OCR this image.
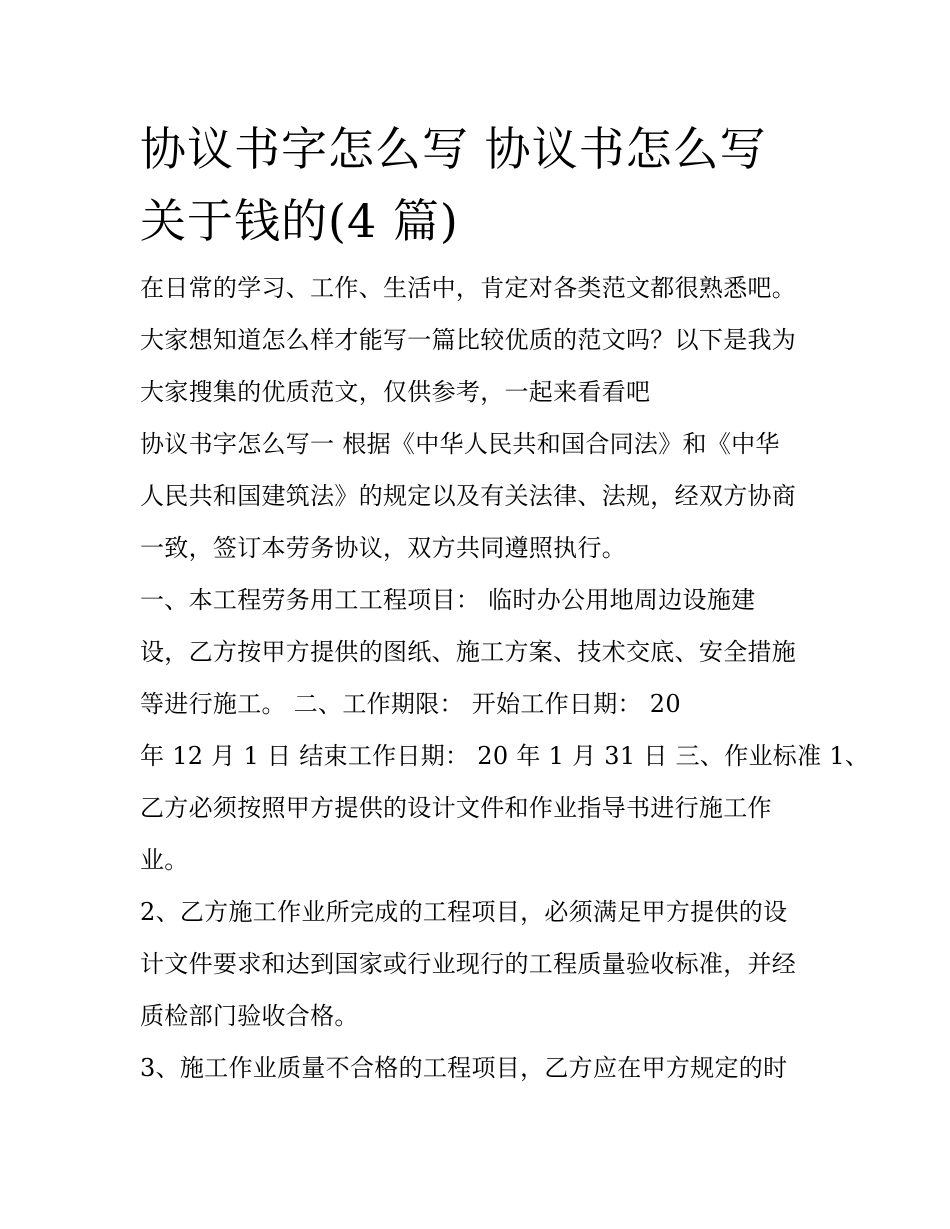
协议书字怎么写 协议书怎么写
关于钱的(4 篇)
在日常的学习、工作、生活中，肯定对各类范文都很熟悉吧。
大家想知道怎么样才能写一篇比较优质的范文吗？以下是我为
大家搜集的优质范文，仅供参考，一起来看看吧
协议书字怎么写一 根据《中华人民共和国合同法》和《中华
人民共和国建筑法》的规定以及有关法律、法规，经双方协商
一致，签订本劳务协议，双方共同遵照执行。
一、本工程劳务用工工程项目： 临时办公用地周边设施建
设，乙方按甲方提供的图纸、施工方案、技术交底、安全措施
等进行施工。 二、工作期限： 开始工作日期： 20
年 12 月 1 日 结束工作日期： 20 年 1 月 31 日 三、作业标准 1、
乙方必须按照甲方提供的设计文件和作业指导书进行施工作
业。
2、乙方施工作业所完成的工程项目，必须满足甲方提供的设
计文件要求和达到国家或行业现行的工程质量验收标准，并经
质检部门验收合格。
3、施工作业质量不合格的工程项目，乙方应在甲方规定的时
